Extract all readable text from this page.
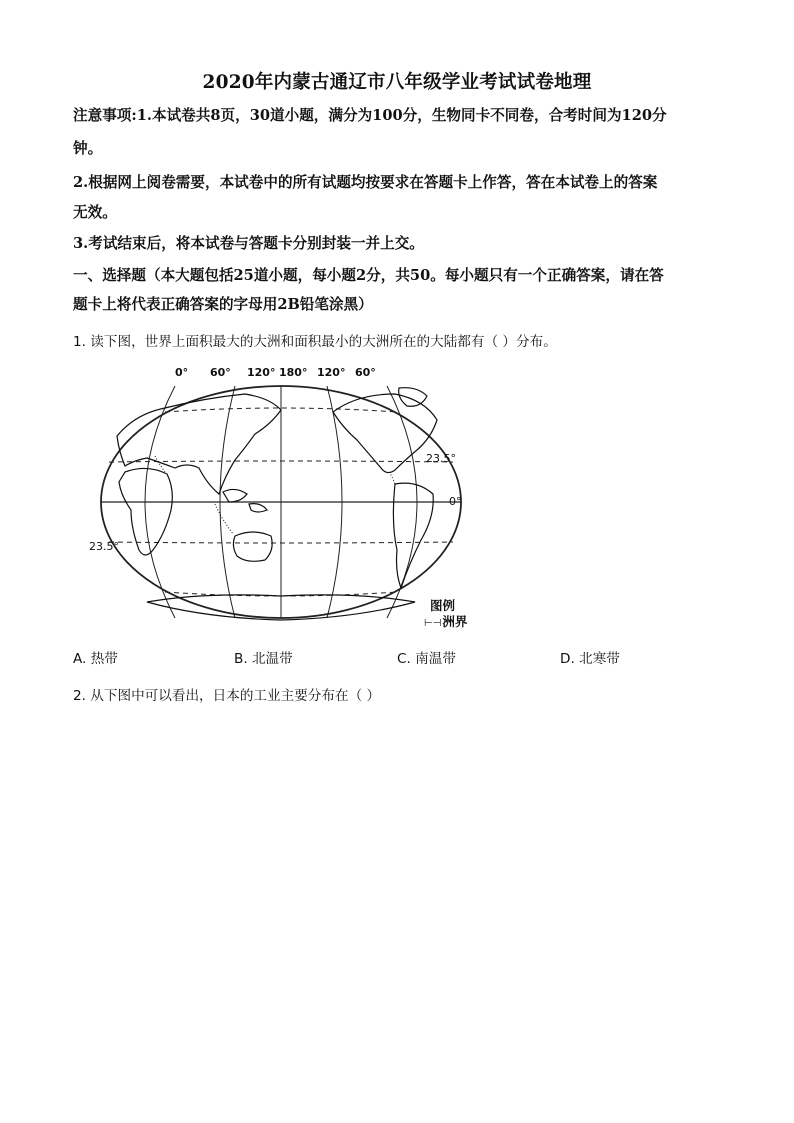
2020年内蒙古通辽市八年级学业考试试卷地理
注意事项:1.本试卷共8页，30道小题，满分为100分，生物同卡不同卷，合考时间为120分
钟。
2.根据网上阅卷需要，本试卷中的所有试题均按要求在答题卡上作答，答在本试卷上的答案
无效。
3.考试结束后，将本试卷与答题卡分别封装一并上交。
一、选择题（本大题包括25道小题，每小题2分，共50。每小题只有一个正确答案，请在答
题卡上将代表正确答案的字母用2B铅笔涂黑）
1. 读下图，世界上面积最大的大洲和面积最小的大洲所在的大陆都有（ ）分布。
23.5°
0°
23.5°
0° 60° 120° 180° 120° 60°
图例
⊢⊣洲界
A. 热带	B. 北温带	C. 南温带	D. 北寒带
2. 从下图中可以看出，日本的工业主要分布在（ ）
